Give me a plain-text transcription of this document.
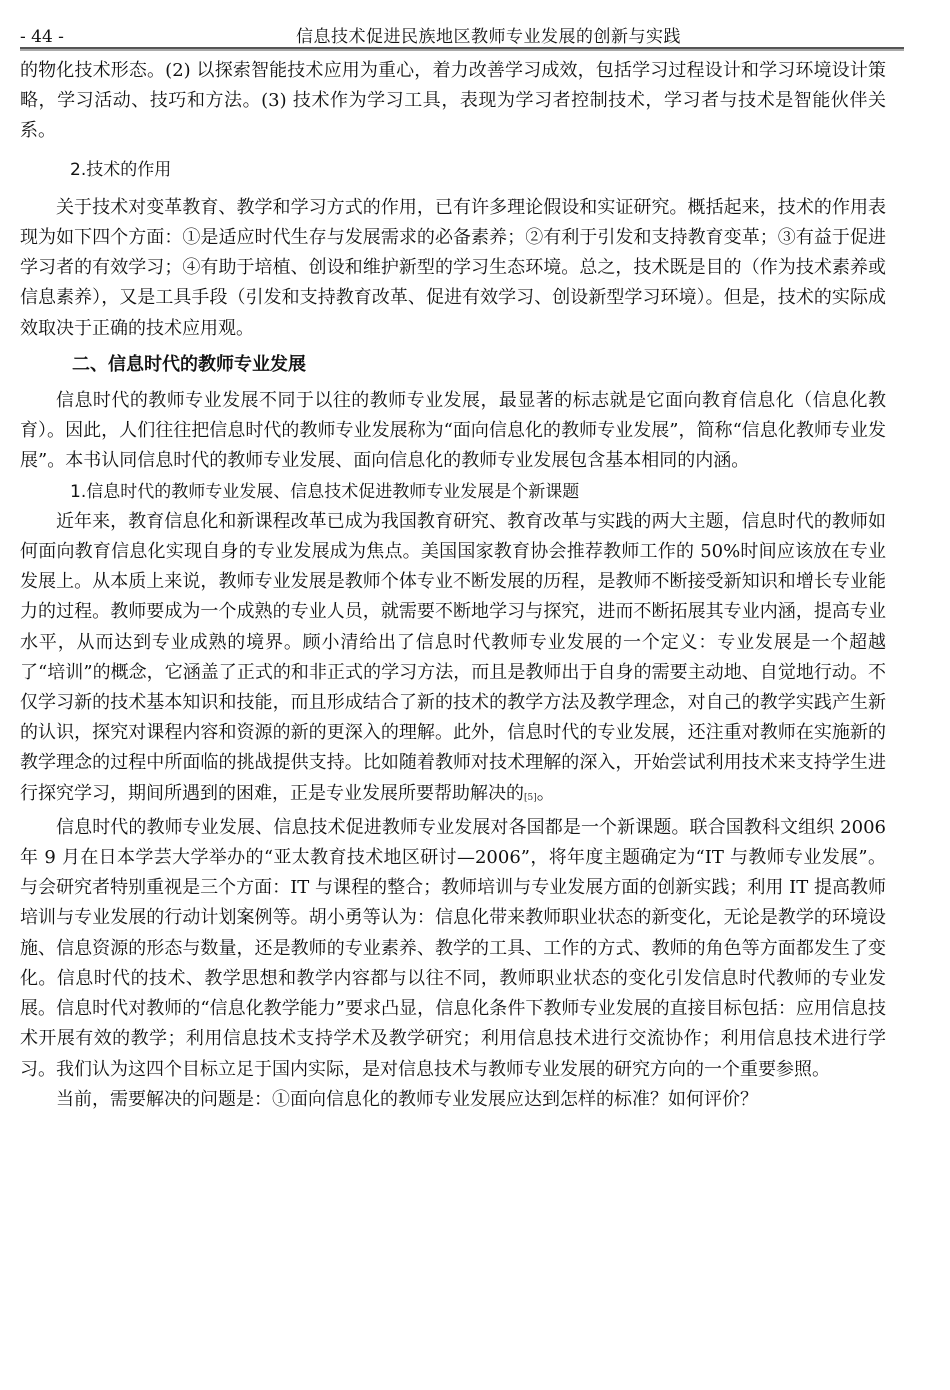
- 44 -	信息技术促进民族地区教师专业发展的创新与实践

的物化技术形态。(2) 以探索智能技术应用为重心，着力改善学习成效，包括学习过程设计和学习环境设计策略，学习活动、技巧和方法。(3) 技术作为学习工具，表现为学习者控制技术，学习者与技术是智能伙伴关系。

2.技术的作用

关于技术对变革教育、教学和学习方式的作用，已有许多理论假设和实证研究。概括起来，技术的作用表现为如下四个方面：①是适应时代生存与发展需求的必备素养；②有利于引发和支持教育变革；③有益于促进学习者的有效学习；④有助于培植、创设和维护新型的学习生态环境。总之，技术既是目的（作为技术素养或信息素养），又是工具手段（引发和支持教育改革、促进有效学习、创设新型学习环境）。但是，技术的实际成效取决于正确的技术应用观。

二、信息时代的教师专业发展

信息时代的教师专业发展不同于以往的教师专业发展，最显著的标志就是它面向教育信息化（信息化教育）。因此，人们往往把信息时代的教师专业发展称为“面向信息化的教师专业发展”，简称“信息化教师专业发展”。本书认同信息时代的教师专业发展、面向信息化的教师专业发展包含基本相同的内涵。

1.信息时代的教师专业发展、信息技术促进教师专业发展是个新课题

近年来，教育信息化和新课程改革已成为我国教育研究、教育改革与实践的两大主题，信息时代的教师如何面向教育信息化实现自身的专业发展成为焦点。美国国家教育协会推荐教师工作的 50%时间应该放在专业发展上。从本质上来说，教师专业发展是教师个体专业不断发展的历程，是教师不断接受新知识和增长专业能力的过程。教师要成为一个成熟的专业人员，就需要不断地学习与探究，进而不断拓展其专业内涵，提高专业水平，从而达到专业成熟的境界。顾小清给出了信息时代教师专业发展的一个定义：专业发展是一个超越了“培训”的概念，它涵盖了正式的和非正式的学习方法，而且是教师出于自身的需要主动地、自觉地行动。不仅学习新的技术基本知识和技能，而且形成结合了新的技术的教学方法及教学理念，对自己的教学实践产生新的认识，探究对课程内容和资源的新的更深入的理解。此外，信息时代的专业发展，还注重对教师在实施新的教学理念的过程中所面临的挑战提供支持。比如随着教师对技术理解的深入，开始尝试利用技术来支持学生进行探究学习，期间所遇到的困难，正是专业发展所要帮助解决的[5]。

信息时代的教师专业发展、信息技术促进教师专业发展对各国都是一个新课题。联合国教科文组织 2006 年 9 月在日本学芸大学举办的“亚太教育技术地区研讨—2006”，将年度主题确定为“IT 与教师专业发展”。与会研究者特别重视是三个方面：IT 与课程的整合；教师培训与专业发展方面的创新实践；利用 IT 提高教师培训与专业发展的行动计划案例等。胡小勇等认为：信息化带来教师职业状态的新变化，无论是教学的环境设施、信息资源的形态与数量，还是教师的专业素养、教学的工具、工作的方式、教师的角色等方面都发生了变化。信息时代的技术、教学思想和教学内容都与以往不同，教师职业状态的变化引发信息时代教师的专业发展。信息时代对教师的“信息化教学能力”要求凸显，信息化条件下教师专业发展的直接目标包括：应用信息技术开展有效的教学；利用信息技术支持学术及教学研究；利用信息技术进行交流协作；利用信息技术进行学习。我们认为这四个目标立足于国内实际，是对信息技术与教师专业发展的研究方向的一个重要参照。

当前，需要解决的问题是：①面向信息化的教师专业发展应达到怎样的标准？如何评价？
